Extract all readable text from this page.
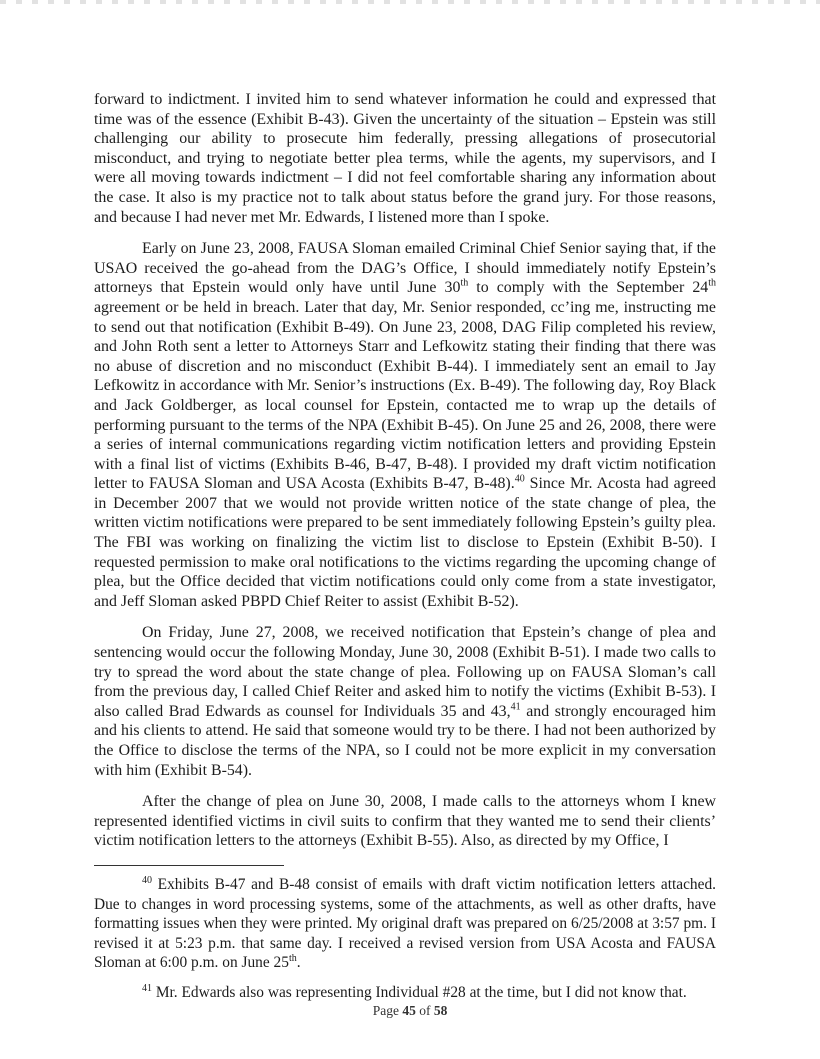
forward to indictment. I invited him to send whatever information he could and expressed that time was of the essence (Exhibit B-43). Given the uncertainty of the situation – Epstein was still challenging our ability to prosecute him federally, pressing allegations of prosecutorial misconduct, and trying to negotiate better plea terms, while the agents, my supervisors, and I were all moving towards indictment – I did not feel comfortable sharing any information about the case. It also is my practice not to talk about status before the grand jury. For those reasons, and because I had never met Mr. Edwards, I listened more than I spoke.

Early on June 23, 2008, FAUSA Sloman emailed Criminal Chief Senior saying that, if the USAO received the go-ahead from the DAG’s Office, I should immediately notify Epstein’s attorneys that Epstein would only have until June 30th to comply with the September 24th agreement or be held in breach. Later that day, Mr. Senior responded, cc’ing me, instructing me to send out that notification (Exhibit B-49). On June 23, 2008, DAG Filip completed his review, and John Roth sent a letter to Attorneys Starr and Lefkowitz stating their finding that there was no abuse of discretion and no misconduct (Exhibit B-44). I immediately sent an email to Jay Lefkowitz in accordance with Mr. Senior’s instructions (Ex. B-49). The following day, Roy Black and Jack Goldberger, as local counsel for Epstein, contacted me to wrap up the details of performing pursuant to the terms of the NPA (Exhibit B-45). On June 25 and 26, 2008, there were a series of internal communications regarding victim notification letters and providing Epstein with a final list of victims (Exhibits B-46, B-47, B-48). I provided my draft victim notification letter to FAUSA Sloman and USA Acosta (Exhibits B-47, B-48).$^{40}$ Since Mr. Acosta had agreed in December 2007 that we would not provide written notice of the state change of plea, the written victim notifications were prepared to be sent immediately following Epstein’s guilty plea. The FBI was working on finalizing the victim list to disclose to Epstein (Exhibit B-50). I requested permission to make oral notifications to the victims regarding the upcoming change of plea, but the Office decided that victim notifications could only come from a state investigator, and Jeff Sloman asked PBPD Chief Reiter to assist (Exhibit B-52).

On Friday, June 27, 2008, we received notification that Epstein’s change of plea and sentencing would occur the following Monday, June 30, 2008 (Exhibit B-51). I made two calls to try to spread the word about the state change of plea. Following up on FAUSA Sloman’s call from the previous day, I called Chief Reiter and asked him to notify the victims (Exhibit B-53). I also called Brad Edwards as counsel for Individuals 35 and 43,41 and strongly encouraged him and his clients to attend. He said that someone would try to be there. I had not been authorized by the Office to disclose the terms of the NPA, so I could not be more explicit in my conversation with him (Exhibit B-54).

After the change of plea on June 30, 2008, I made calls to the attorneys whom I knew represented identified victims in civil suits to confirm that they wanted me to send their clients’ victim notification letters to the attorneys (Exhibit B-55). Also, as directed by my Office, I

$^{40}$ Exhibits B-47 and B-48 consist of emails with draft victim notification letters attached. Due to changes in word processing systems, some of the attachments, as well as other drafts, have formatting issues when they were printed. My original draft was prepared on 6/25/2008 at 3:57 pm. I revised it at 5:23 p.m. that same day. I received a revised version from USA Acosta and FAUSA Sloman at 6:00 p.m. on June 25th.

$^{41}$ Mr. Edwards also was representing Individual #28 at the time, but I did not know that.

Page 45 of 58
